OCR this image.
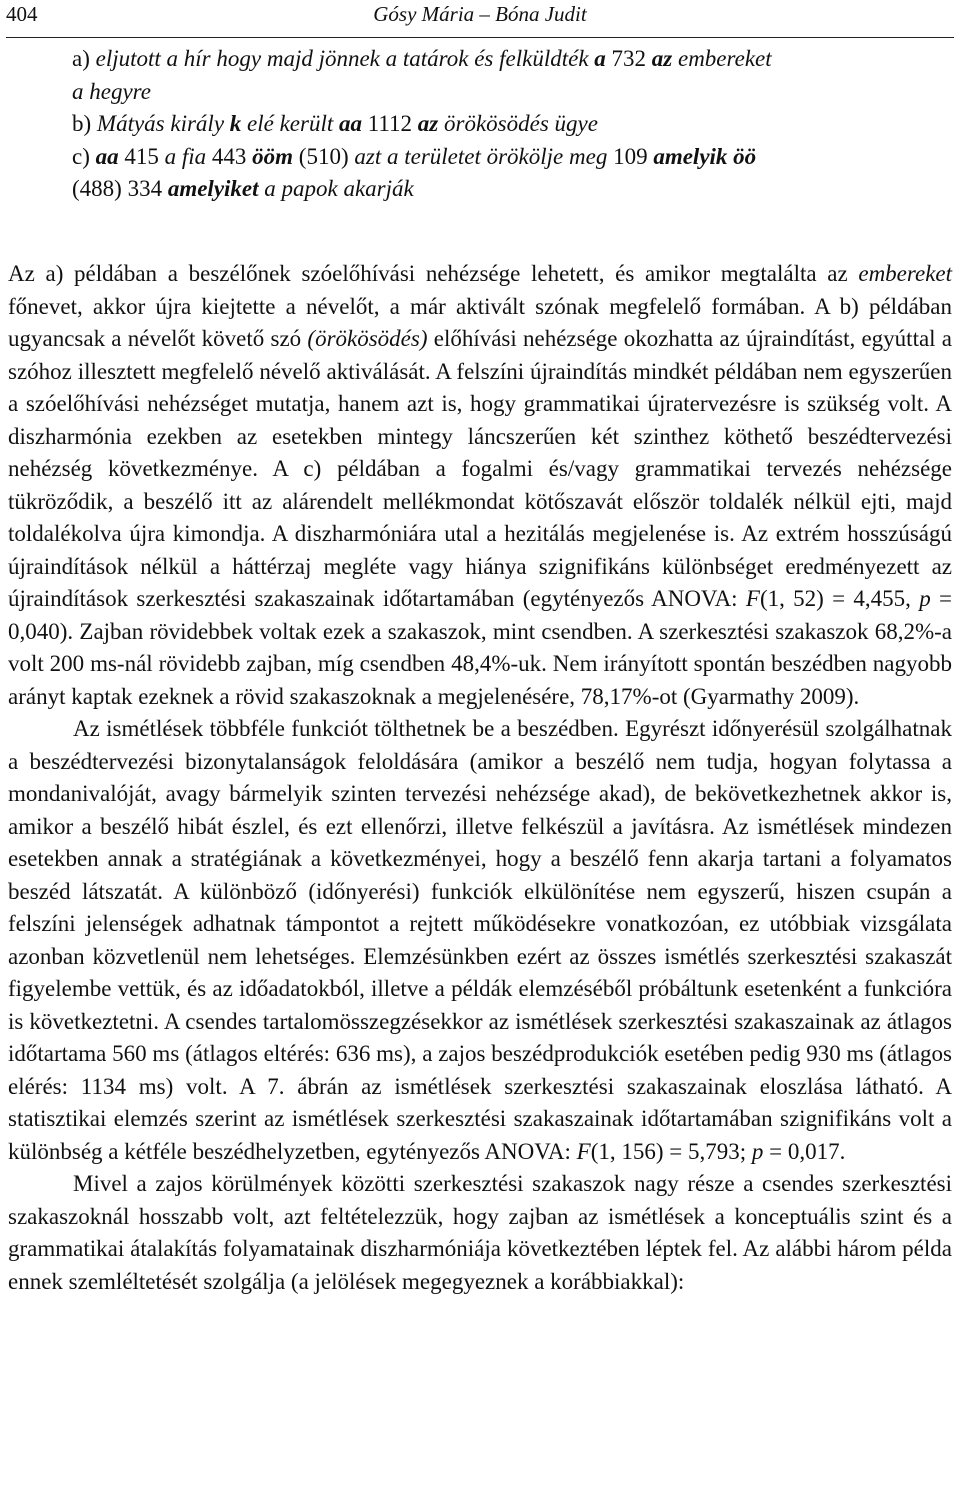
404	Gósy Mária – Bóna Judit
a) eljutott a hír hogy majd jönnek a tatárok és felküldték a 732 az embereket
a hegyre
b) Mátyás király k elé került aa 1112 az örökösödés ügye
c) aa 415 a fia 443 ööm (510) azt a területet örökölje meg 109 amelyik öö
(488) 334 amelyiket a papok akarják

Az a) példában a beszélőnek szóelőhívási nehézsége lehetett, és amikor megtalálta az embereket főnevet, akkor újra kiejtette a névelőt, a már aktivált szónak megfelelő formában. A b) példában ugyancsak a névelőt követő szó (örökösödés) előhívási nehézsége okozhatta az újraindítást, egyúttal a szóhoz illesztett megfelelő névelő aktiválását. A felszíni újraindítás mindkét példában nem egyszerűen a szóelőhívási nehézséget mutatja, hanem azt is, hogy grammatikai újratervezésre is szükség volt. A diszharmónia ezekben az esetekben mintegy láncszerűen két szinthez köthető beszédtervezési nehézség következménye. A c) példában a fogalmi és/vagy grammatikai tervezés nehézsége tükröződik, a beszélő itt az alárendelt mellékmondat kötőszavát először toldalék nélkül ejti, majd toldalékolva újra kimondja. A diszharmóniára utal a hezitálás megjelenése is. Az extrém hosszúságú újraindítások nélkül a háttérzaj megléte vagy hiánya szignifikáns különbséget eredményezett az újraindítások szerkesztési szakaszainak időtartamában (egytényezős ANOVA: F(1, 52) = 4,455, p = 0,040). Zajban rövidebbek voltak ezek a szakaszok, mint csendben. A szerkesztési szakaszok 68,2%-a volt 200 ms-nál rövidebb zajban, míg csendben 48,4%-uk. Nem irányított spontán beszédben nagyobb arányt kaptak ezeknek a rövid szakaszoknak a megjelenésére, 78,17%-ot (Gyarmathy 2009).

Az ismétlések többféle funkciót tölthetnek be a beszédben. Egyrészt időnyerésül szolgálhatnak a beszédtervezési bizonytalanságok feloldására (amikor a beszélő nem tudja, hogyan folytassa a mondanivalóját, avagy bármelyik szinten tervezési nehézsége akad), de bekövetkezhetnek akkor is, amikor a beszélő hibát észlel, és ezt ellenőrzi, illetve felkészül a javításra. Az ismétlések mindezen esetekben annak a stratégiának a következményei, hogy a beszélő fenn akarja tartani a folyamatos beszéd látszatát. A különböző (időnyerési) funkciók elkülönítése nem egyszerű, hiszen csupán a felszíni jelenségek adhatnak támpontot a rejtett működésekre vonatkozóan, ez utóbbiak vizsgálata azonban közvetlenül nem lehetséges. Elemzésünkben ezért az összes ismétlés szerkesztési szakaszát figyelembe vettük, és az időadatokból, illetve a példák elemzéséből próbáltunk esetenként a funkcióra is következtetni. A csendes tartalomösszegzésekkor az ismétlések szerkesztési szakaszainak az átlagos időtartama 560 ms (átlagos eltérés: 636 ms), a zajos beszédprodukciók esetében pedig 930 ms (átlagos elérés: 1134 ms) volt. A 7. ábrán az ismétlések szerkesztési szakaszainak eloszlása látható. A statisztikai elemzés szerint az ismétlések szerkesztési szakaszainak időtartamában szignifikáns volt a különbség a kétféle beszédhelyzetben, egytényezős ANOVA: F(1, 156) = 5,793; p = 0,017.

Mivel a zajos körülmények közötti szerkesztési szakaszok nagy része a csendes szerkesztési szakaszoknál hosszabb volt, azt feltételezzük, hogy zajban az ismétlések a konceptuális szint és a grammatikai átalakítás folyamatainak diszharmóniája következtében léptek fel. Az alábbi három példa ennek szemléltetését szolgálja (a jelölések megegyeznek a korábbiakkal):
